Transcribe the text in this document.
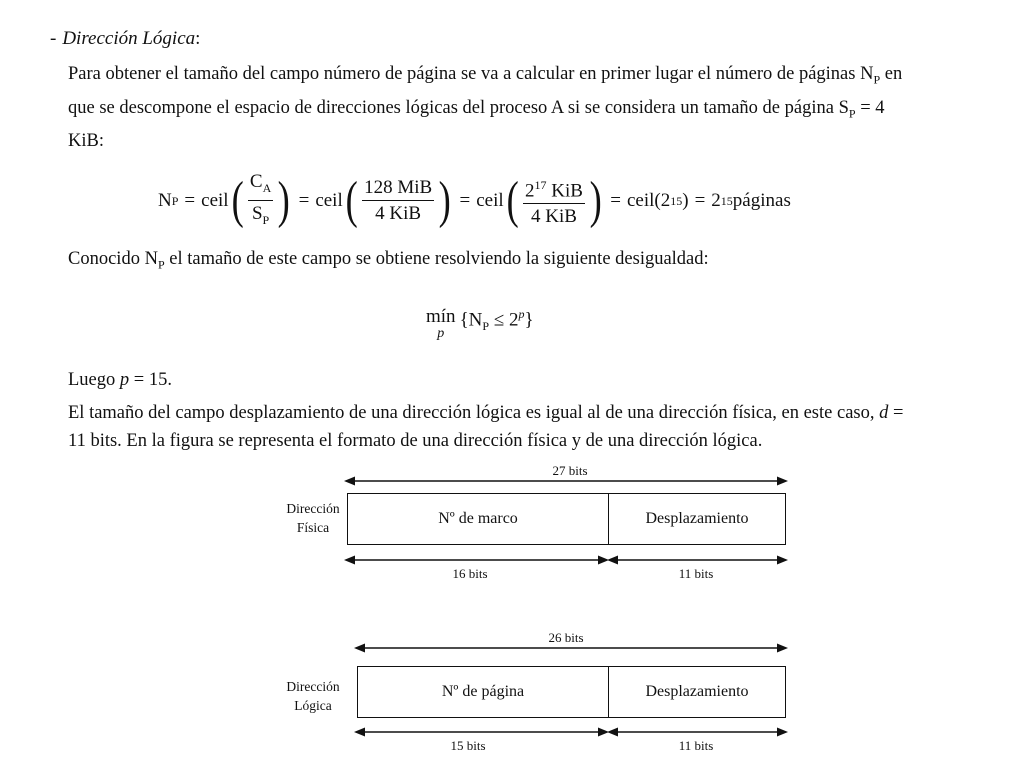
- Dirección Lógica:
Para obtener el tamaño del campo número de página se va a calcular en primer lugar el número de páginas $N_P$ en que se descompone el espacio de direcciones lógicas del proceso A si se considera un tamaño de página $S_P = 4$ KiB:
N P = ceil ( $\frac{C_A}{S_P}$ ) = ceil ( $\frac{\text{128 MiB}}{\text{4 KiB}}$ ) = ceil ( $\frac{2^{17} KiB}{\text{4 KiB}}$ ) = ceil(2 15 ) = 2 15 páginas
Conocido $N_P$ el tamaño de este campo se obtiene resolviendo la siguiente desigualdad:
mín
p
$\{N_P \le 2^p\}$
Luego p = 15.
El tamaño del campo desplazamiento de una dirección lógica es igual al de una dirección física, en este caso, d = 11 bits. En la figura se representa el formato de una dirección física y de una dirección lógica.
Dirección
Física
27 bits
Nº de marco	Desplazamiento
16 bits	11 bits
Dirección
Lógica
26 bits
Nº de página	Desplazamiento
15 bits	11 bits
